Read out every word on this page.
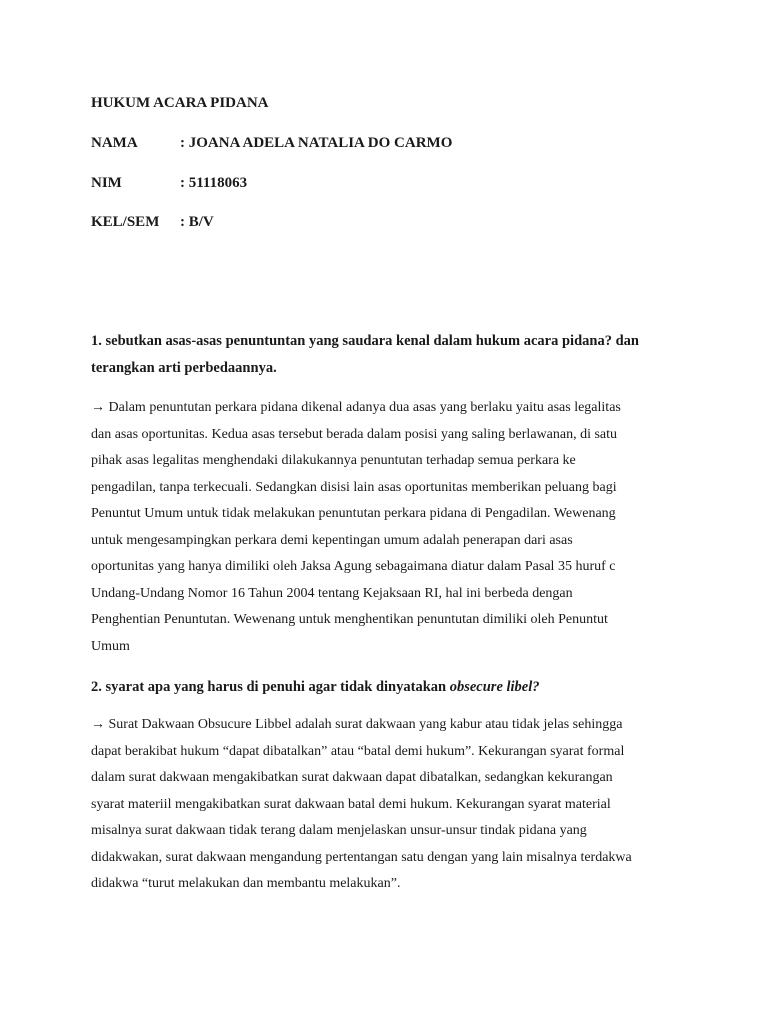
HUKUM ACARA PIDANA
NAMA	: JOANA ADELA NATALIA DO CARMO
NIM	: 51118063
KEL/SEM : B/V
1. sebutkan asas-asas penuntuntan yang saudara kenal dalam hukum acara pidana? dan
terangkan arti perbedaannya.
→ Dalam penuntutan perkara pidana dikenal adanya dua asas yang berlaku yaitu asas legalitas
dan asas oportunitas. Kedua asas tersebut berada dalam posisi yang saling berlawanan, di satu
pihak asas legalitas menghendaki dilakukannya penuntutan terhadap semua perkara ke
pengadilan, tanpa terkecuali. Sedangkan disisi lain asas oportunitas memberikan peluang bagi
Penuntut Umum untuk tidak melakukan penuntutan perkara pidana di Pengadilan. Wewenang
untuk mengesampingkan perkara demi kepentingan umum adalah penerapan dari asas
oportunitas yang hanya dimiliki oleh Jaksa Agung sebagaimana diatur dalam Pasal 35 huruf c
Undang-Undang Nomor 16 Tahun 2004 tentang Kejaksaan RI, hal ini berbeda dengan
Penghentian Penuntutan. Wewenang untuk menghentikan penuntutan dimiliki oleh Penuntut
Umum
2. syarat apa yang harus di penuhi agar tidak dinyatakan obsecure libel?
→ Surat Dakwaan Obsucure Libbel adalah surat dakwaan yang kabur atau tidak jelas sehingga
dapat berakibat hukum “dapat dibatalkan” atau “batal demi hukum”. Kekurangan syarat formal
dalam surat dakwaan mengakibatkan surat dakwaan dapat dibatalkan, sedangkan kekurangan
syarat materiil mengakibatkan surat dakwaan batal demi hukum. Kekurangan syarat material
misalnya surat dakwaan tidak terang dalam menjelaskan unsur-unsur tindak pidana yang
didakwakan, surat dakwaan mengandung pertentangan satu dengan yang lain misalnya terdakwa
didakwa “turut melakukan dan membantu melakukan”.
